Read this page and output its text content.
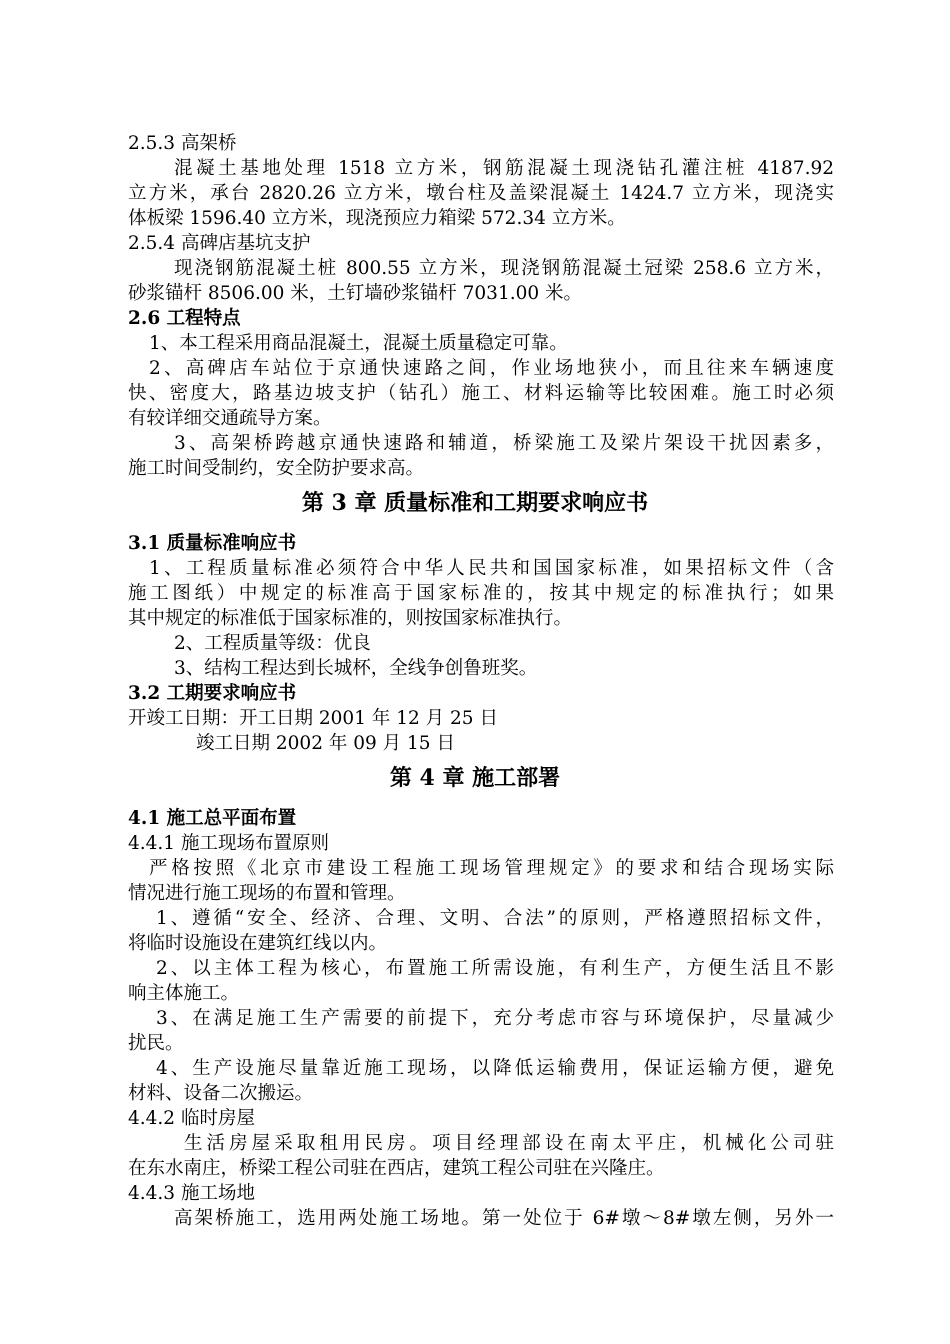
2.5.3 高架桥
混凝土基地处理 1518 立方米，钢筋混凝土现浇钻孔灌注桩 4187.92
立方米，承台 2820.26 立方米，墩台柱及盖梁混凝土 1424.7 立方米，现浇实
体板梁 1596.40 立方米，现浇预应力箱梁 572.34 立方米。
2.5.4 高碑店基坑支护
现浇钢筋混凝土桩 800.55 立方米，现浇钢筋混凝土冠梁 258.6 立方米，
砂浆锚杆 8506.00 米，土钉墙砂浆锚杆 7031.00 米。
2.6 工程特点
1、本工程采用商品混凝土，混凝土质量稳定可靠。
2、高碑店车站位于京通快速路之间，作业场地狭小，而且往来车辆速度
快、密度大，路基边坡支护（钻孔）施工、材料运输等比较困难。施工时必须
有较详细交通疏导方案。
3、高架桥跨越京通快速路和辅道，桥梁施工及梁片架设干扰因素多，
施工时间受制约，安全防护要求高。
第 3 章 质量标准和工期要求响应书
3.1 质量标准响应书
1、工程质量标准必须符合中华人民共和国国家标准，如果招标文件（含
施工图纸）中规定的标准高于国家标准的，按其中规定的标准执行；如果
其中规定的标准低于国家标准的，则按国家标准执行。
2、工程质量等级：优良
3、结构工程达到长城杯，全线争创鲁班奖。
3.2 工期要求响应书
开竣工日期：开工日期 2001 年 12 月 25 日
竣工日期 2002 年 09 月 15 日
第 4 章 施工部署
4.1 施工总平面布置
4.4.1 施工现场布置原则
严格按照《北京市建设工程施工现场管理规定》的要求和结合现场实际
情况进行施工现场的布置和管理。
1、遵循“安全、经济、合理、文明、合法”的原则，严格遵照招标文件，
将临时设施设在建筑红线以内。
2、以主体工程为核心，布置施工所需设施，有利生产，方便生活且不影
响主体施工。
3、在满足施工生产需要的前提下，充分考虑市容与环境保护，尽量减少
扰民。
4、生产设施尽量靠近施工现场，以降低运输费用，保证运输方便，避免
材料、设备二次搬运。
4.4.2 临时房屋
生活房屋采取租用民房。项目经理部设在南太平庄，机械化公司驻
在东水南庄，桥梁工程公司驻在西店，建筑工程公司驻在兴隆庄。
4.4.3 施工场地
高架桥施工，选用两处施工场地。第一处位于 6#墩～8#墩左侧，另外一
